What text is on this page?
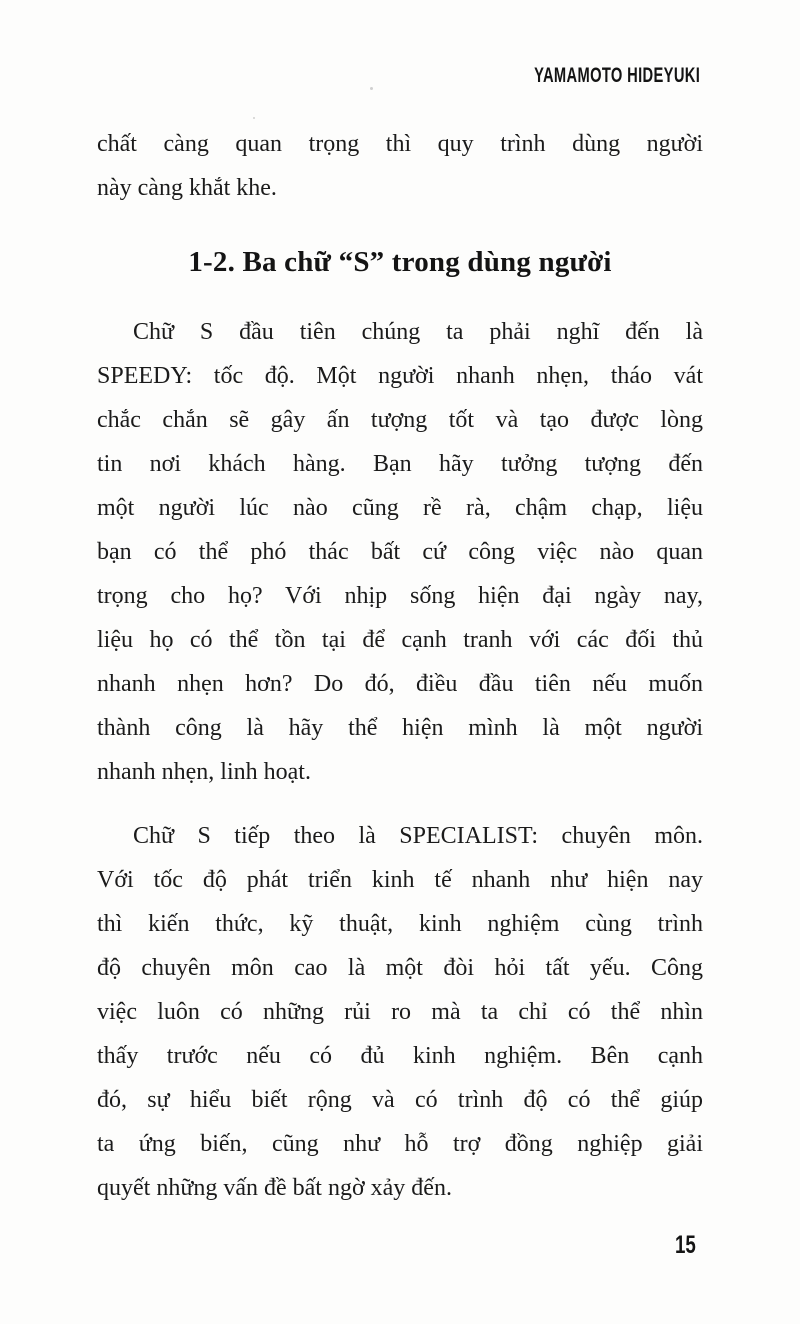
YAMAMOTO HIDEYUKI
chất càng quan trọng thì quy trình dùng người
này càng khắt khe.
1-2. Ba chữ “S” trong dùng người
Chữ S đầu tiên chúng ta phải nghĩ đến là
SPEEDY: tốc độ. Một người nhanh nhẹn, tháo vát
chắc chắn sẽ gây ấn tượng tốt và tạo được lòng
tin nơi khách hàng. Bạn hãy tưởng tượng đến
một người lúc nào cũng rề rà, chậm chạp, liệu
bạn có thể phó thác bất cứ công việc nào quan
trọng cho họ? Với nhịp sống hiện đại ngày nay,
liệu họ có thể tồn tại để cạnh tranh với các đối thủ
nhanh nhẹn hơn? Do đó, điều đầu tiên nếu muốn
thành công là hãy thể hiện mình là một người
nhanh nhẹn, linh hoạt.
Chữ S tiếp theo là SPECIALIST: chuyên môn.
Với tốc độ phát triển kinh tế nhanh như hiện nay
thì kiến thức, kỹ thuật, kinh nghiệm cùng trình
độ chuyên môn cao là một đòi hỏi tất yếu. Công
việc luôn có những rủi ro mà ta chỉ có thể nhìn
thấy trước nếu có đủ kinh nghiệm. Bên cạnh
đó, sự hiểu biết rộng và có trình độ có thể giúp
ta ứng biến, cũng như hỗ trợ đồng nghiệp giải
quyết những vấn đề bất ngờ xảy đến.
15
